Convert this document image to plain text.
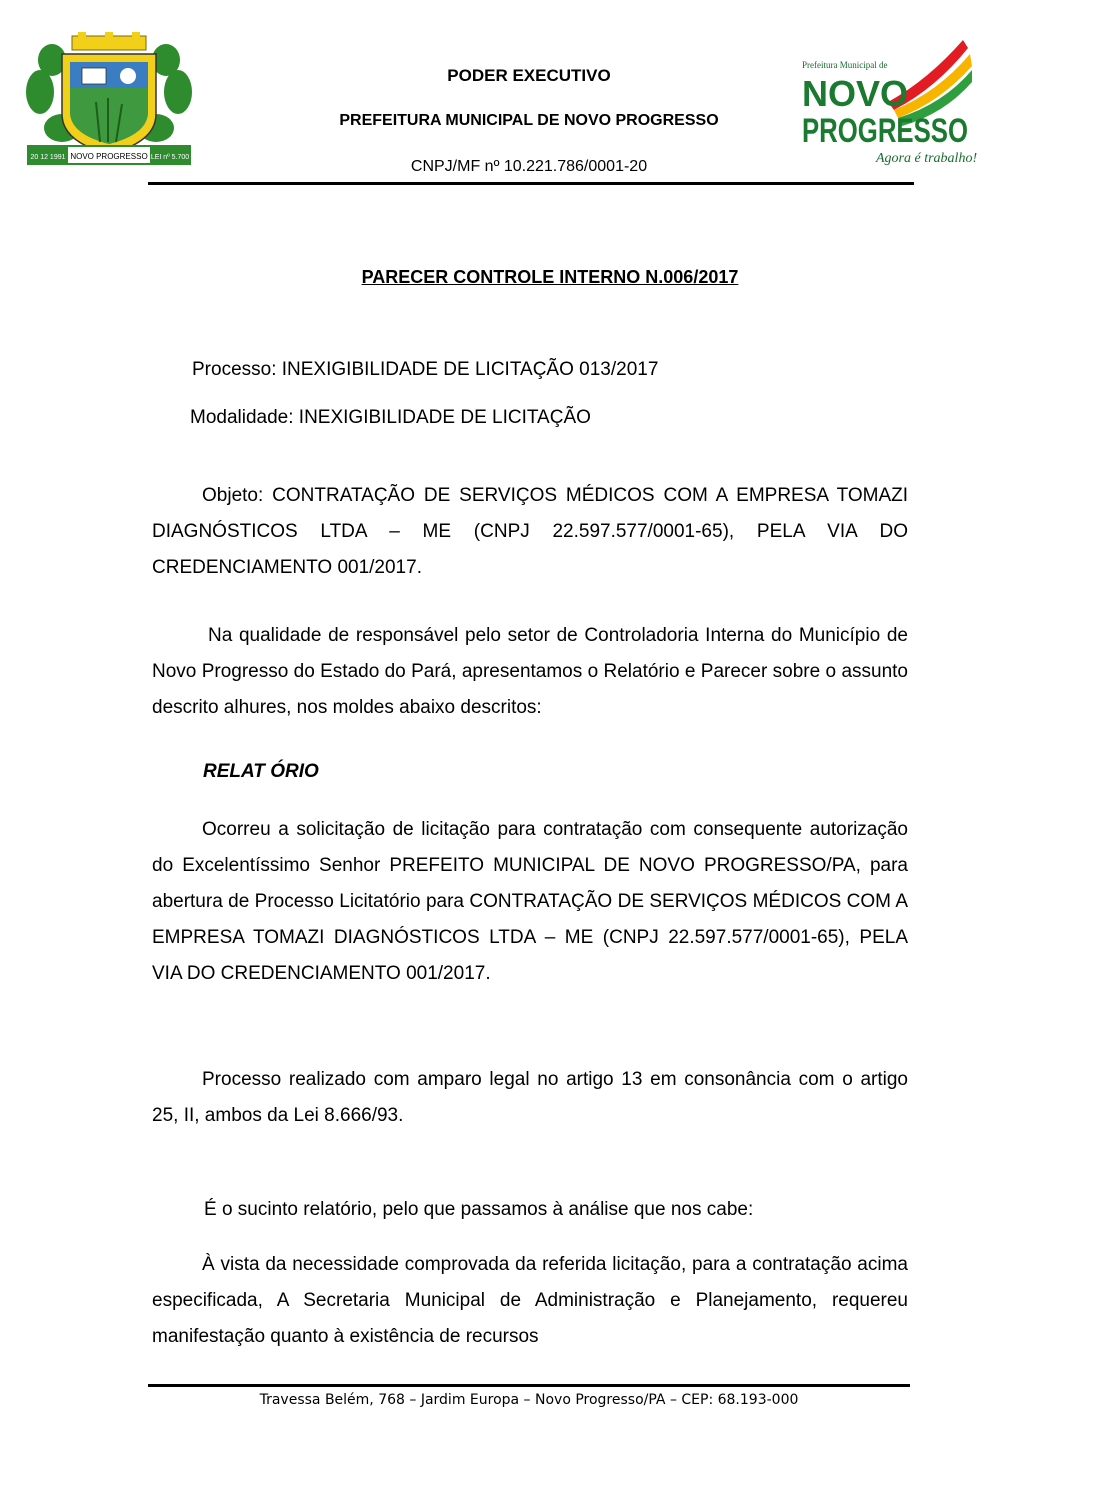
20 12 1991 NOVO PROGRESSO LEI nº 5.700
PODER EXECUTIVO
PREFEITURA MUNICIPAL DE NOVO PROGRESSO
CNPJ/MF nº 10.221.786/0001-20
Prefeitura Municipal de
NOVO
PROGRESSO
Agora é trabalho!
PARECER CONTROLE INTERNO N.006/2017
Processo: INEXIGIBILIDADE DE LICITAÇÃO 013/2017
Modalidade: INEXIGIBILIDADE DE LICITAÇÃO
Objeto: CONTRATAÇÃO DE SERVIÇOS MÉDICOS COM A EMPRESA TOMAZI DIAGNÓSTICOS LTDA – ME (CNPJ 22.597.577/0001-65), PELA VIA DO CREDENCIAMENTO 001/2017.
Na qualidade de responsável pelo setor de Controladoria Interna do Município de Novo Progresso do Estado do Pará, apresentamos o Relatório e Parecer sobre o assunto descrito alhures, nos moldes abaixo descritos:
RELAT ÓRIO
Ocorreu a solicitação de licitação para contratação com consequente autorização do Excelentíssimo Senhor PREFEITO MUNICIPAL DE NOVO PROGRESSO/PA, para abertura de Processo Licitatório para CONTRATAÇÃO DE SERVIÇOS MÉDICOS COM A EMPRESA TOMAZI DIAGNÓSTICOS LTDA – ME (CNPJ 22.597.577/0001-65), PELA VIA DO CREDENCIAMENTO 001/2017.
Processo realizado com amparo legal no artigo 13 em consonância com o artigo 25, II, ambos da Lei 8.666/93.
É o sucinto relatório, pelo que passamos à análise que nos cabe:
À vista da necessidade comprovada da referida licitação, para a contratação acima especificada, A Secretaria Municipal de Administração e Planejamento, requereu manifestação quanto à existência de recursos
Travessa Belém, 768 – Jardim Europa – Novo Progresso/PA – CEP: 68.193-000
